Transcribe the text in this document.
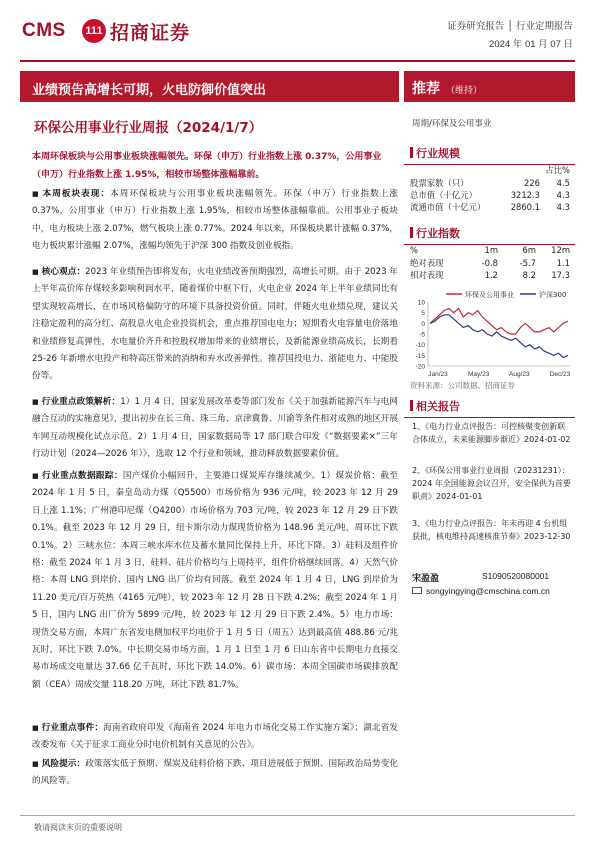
CMS	111 招商证券	证券研究报告 │ 行业定期报告
2024 年 01 月 07 日
业绩预告高增长可期，火电防御价值突出	推荐 （维持）
环保公用事业行业周报（2024/1/7）
本周环保板块与公用事业板块涨幅领先。环保（申万）行业指数上涨 0.37%，公用事业（申万）行业指数上涨 1.95%，相较市场整体涨幅靠前。
■ 本周板块表现：本周环保板块与公用事业板块涨幅领先。环保（申万）行业指数上涨 0.37%，公用事业（申万）行业指数上涨 1.95%，相较市场整体涨幅靠前。公用事业子板块中，电力板块上涨 2.07%，燃气板块上涨 0.77%。2024 年以来，环保板块累计涨幅 0.37%，电力板块累计涨幅 2.07%，涨幅均领先于沪深 300 指数及创业板指。
■ 核心观点：2023 年业绩预告即将发布，火电业绩改善预期强烈，高增长可期。由于 2023 年上半年高价库存煤较多影响利润水平，随着煤价中枢下行，火电企业 2024 年上半年业绩同比有望实现较高增长，在市场风格偏防守的环境下具备投资价值。同时，伴随火电业绩兑现，建议关注稳定盈利的高分红、高股息火电企业投资机会，重点推荐国电电力；短期看火电容量电价落地和业绩修复高弹性，水电量价齐升和控股权增加带来的业绩增长，及新能源业绩高成长，长期看 25-26 年新增水电投产和特高压带来的消纳和弃水改善弹性。推荐国投电力、浙能电力、中能股份等。
■ 行业重点政策解析：1）1 月 4 日，国家发展改革委等部门发布《关于加强新能源汽车与电网融合互动的实施意见》，提出初步在长三角、珠三角、京津冀鲁、川渝等条件相对成熟的地区开展车网互动规模化试点示范。2）1 月 4 日，国家数据局等 17 部门联合印发《“数据要素×”三年行动计划（2024—2026 年）》，选取 12 个行业和领域，推动释放数据要素价值。
■ 行业重点数据跟踪：国产煤价小幅回升，主要港口煤炭库存继续减少。1）煤炭价格：截至 2024 年 1 月 5 日，秦皇岛动力煤（Q5500）市场价格为 936 元/吨，较 2023 年 12 月 29 日上涨 1.1%；广州港印尼煤（Q4200）市场价格为 703 元/吨，较 2023 年 12 月 29 日下跌 0.1%。截至 2023 年 12 月 29 日，纽卡斯尔动力煤现货价格为 148.96 美元/吨，周环比下跌 0.1%。2）三峡水位：本周三峡水库水位及蓄水量同比保持上升，环比下降。3）硅料及组件价格：截至 2024 年 1 月 3 日，硅料、硅片价格均与上周持平，组件价格继续回落。4）天然气价格：本周 LNG 到岸价、国内 LNG 出厂价均有回落。截至 2024 年 1 月 4 日，LNG 到岸价为 11.20 美元/百万英热（4165 元/吨），较 2023 年 12 月 28 日下跌 4.2%；截至 2024 年 1 月 5 日，国内 LNG 出厂价为 5899 元/吨，较 2023 年 12 月 29 日下跌 2.4%。5）电力市场：现货交易方面，本周广东省发电侧加权平均电价于 1 月 5 日（周五）达到最高值 488.86 元/兆瓦时，环比下跌 7.0%。中长期交易市场方面，1 月 1 日至 1 月 6 日山东省中长期电力直接交易市场成交电量达 37.66 亿千瓦时，环比下跌 14.0%。6）碳市场：本周全国碳市场碳排放配额（CEA）周成交量 118.20 万吨，环比下跌 81.7%。
■ 行业重点事件：海南省政府印发《海南省 2024 年电力市场化交易工作实施方案》；湖北省发改委发布《关于征求工商业分时电价机制有关意见的公告》。
■ 风险提示：政策落实低于预期、煤炭及硅料价格下跌、项目进展低于预期、国际政治局势变化的风险等。
周期/环保及公用事业
行业规模
		占比%
股票家数（只）	226	4.5
总市值（十亿元）	3212.3	4.3
流通市值（十亿元）	2860.1	4.3
行业指数
%	1m	6m	12m
绝对表现	-0.8	-5.7	1.1
相对表现	1.2	8.2	17.3
环保及公用事业	沪深300
10
5
0
-5
-10
-15
-20
Jan/23	May/23	Aug/23	Dec/23
资料来源：公司数据、招商证券
相关报告
1、《电力行业点评报告：可控核聚变创新联合体成立，未来能源脚步渐近》2024-01-02
2、《环保公用事业行业周报（20231231）：2024 年全国能源会议召开，安全保供为首要职责》2024-01-01
3、《电力行业点评报告：年末再迎 4 台机组获批，核电维持高速核准节奏》2023-12-30
宋盈盈	S1090520080001
songyingying@cmschina.com.cn
敬请阅读末页的重要说明
